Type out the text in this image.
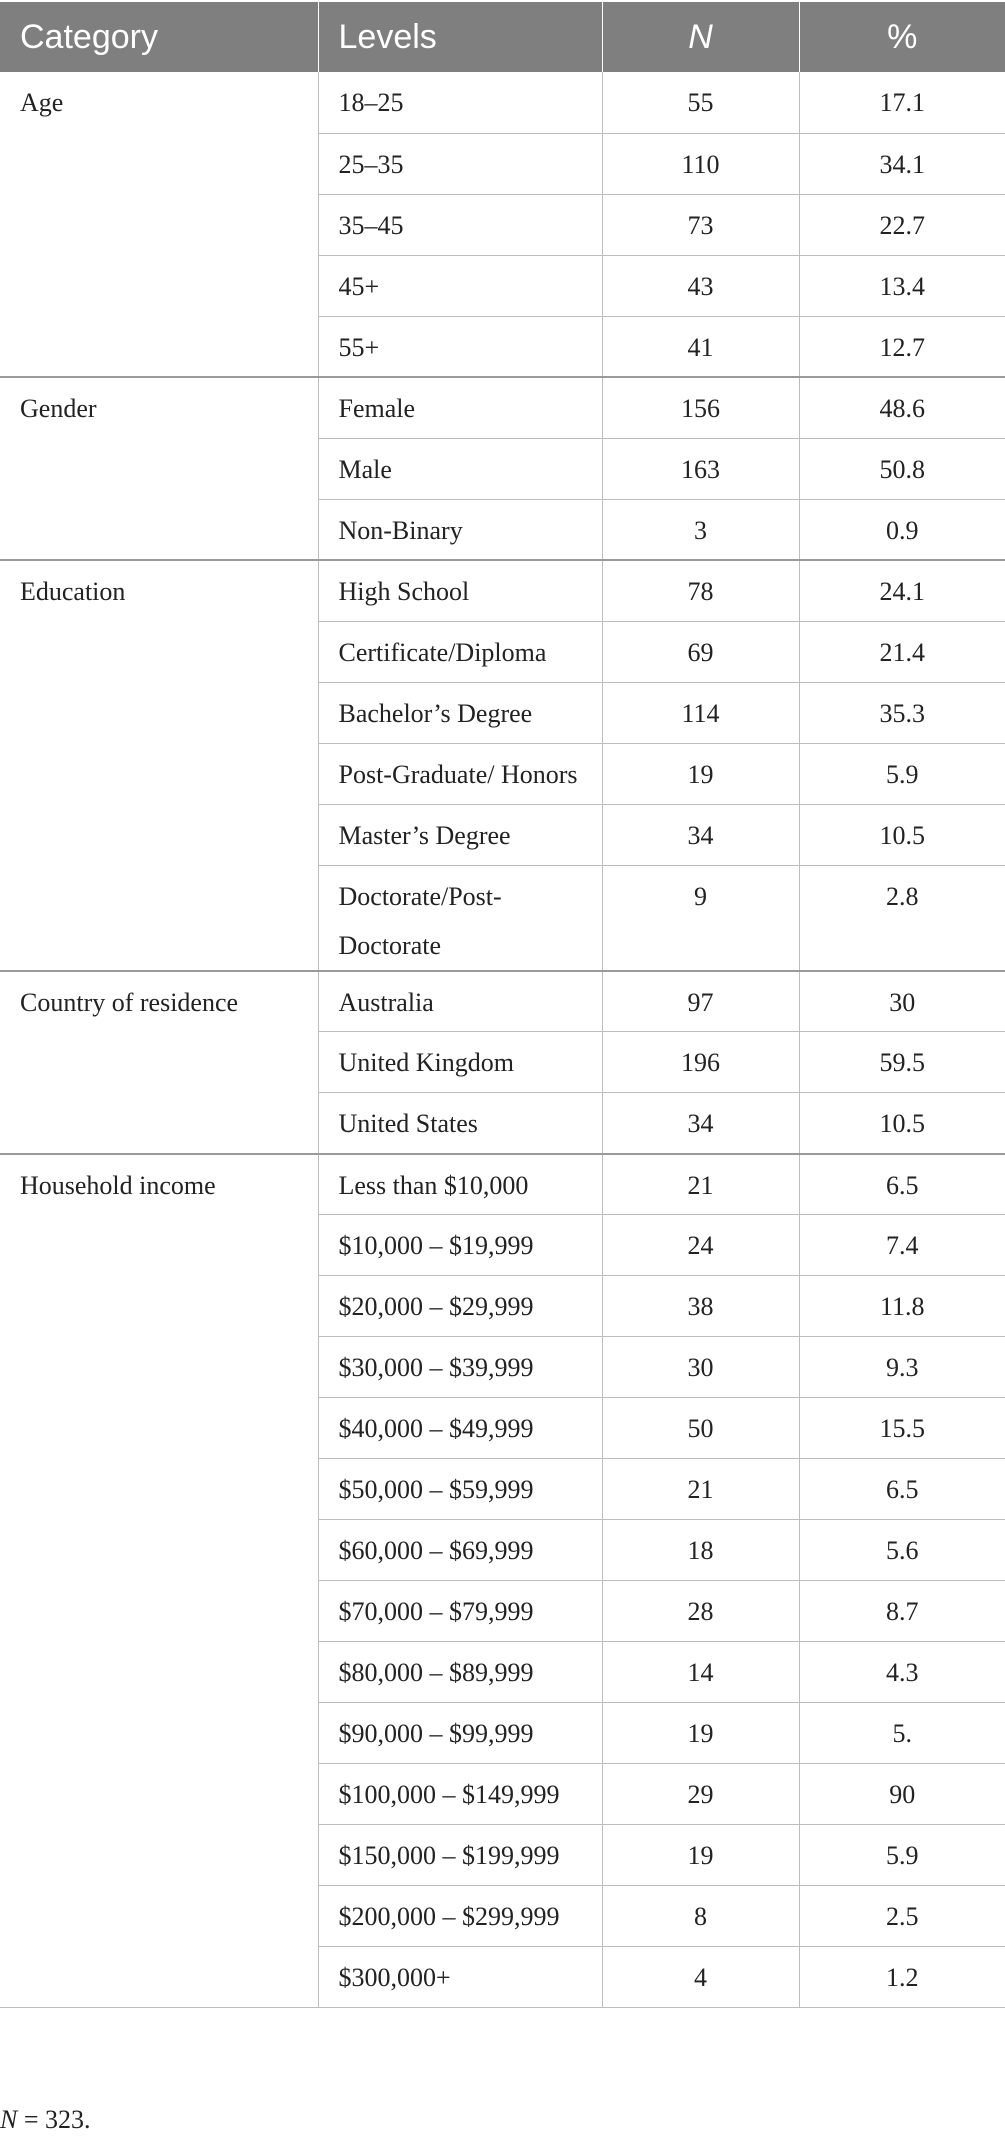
Category	Levels	N	%
Age	18–25	55	17.1
	25–35	110	34.1
	35–45	73	22.7
	45+	43	13.4
	55+	41	12.7
Gender	Female	156	48.6
	Male	163	50.8
	Non-Binary	3	0.9
Education	High School	78	24.1
	Certificate/Diploma	69	21.4
	Bachelor’s Degree	114	35.3
	Post-Graduate/ Honors	19	5.9
	Master’s Degree	34	10.5
	Doctorate/Post-Doctorate	9	2.8
Country of residence	Australia	97	30
	United Kingdom	196	59.5
	United States	34	10.5
Household income	Less than $10,000	21	6.5
	$10,000 – $19,999	24	7.4
	$20,000 – $29,999	38	11.8
	$30,000 – $39,999	30	9.3
	$40,000 – $49,999	50	15.5
	$50,000 – $59,999	21	6.5
	$60,000 – $69,999	18	5.6
	$70,000 – $79,999	28	8.7
	$80,000 – $89,999	14	4.3
	$90,000 – $99,999	19	5.
	$100,000 – $149,999	29	90
	$150,000 – $199,999	19	5.9
	$200,000 – $299,999	8	2.5
	$300,000+	4	1.2
N = 323.
